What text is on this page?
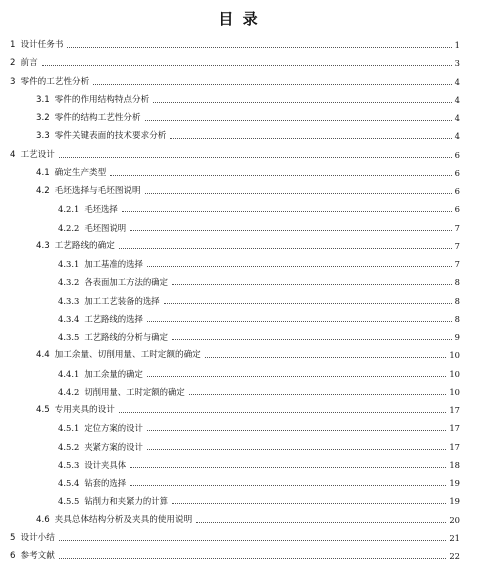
目 录
1 设计任务书	1
2 前言	3
3 零件的工艺性分析	4
3.1 零件的作用结构特点分析	4
3.2 零件的结构工艺性分析	4
3.3 零件关键表面的技术要求分析	4
4 工艺设计	6
4.1 确定生产类型	6
4.2 毛坯选择与毛坯图说明	6
4.2.1 毛坯选择	6
4.2.2 毛坯图说明	7
4.3 工艺路线的确定	7
4.3.1 加工基准的选择	7
4.3.2 各表面加工方法的确定	8
4.3.3 加工工艺装备的选择	8
4.3.4 工艺路线的选择	8
4.3.5 工艺路线的分析与确定	9
4.4 加工余量、切削用量、工时定额的确定	10
4.4.1 加工余量的确定	10
4.4.2 切削用量、工时定额的确定	10
4.5 专用夹具的设计	17
4.5.1 定位方案的设计	17
4.5.2 夹紧方案的设计	17
4.5.3 设计夹具体	18
4.5.4 钻套的选择	19
4.5.5 钻削力和夹紧力的计算	19
4.6 夹具总体结构分析及夹具的使用说明	20
5 设计小结	21
6 参考文献	22
